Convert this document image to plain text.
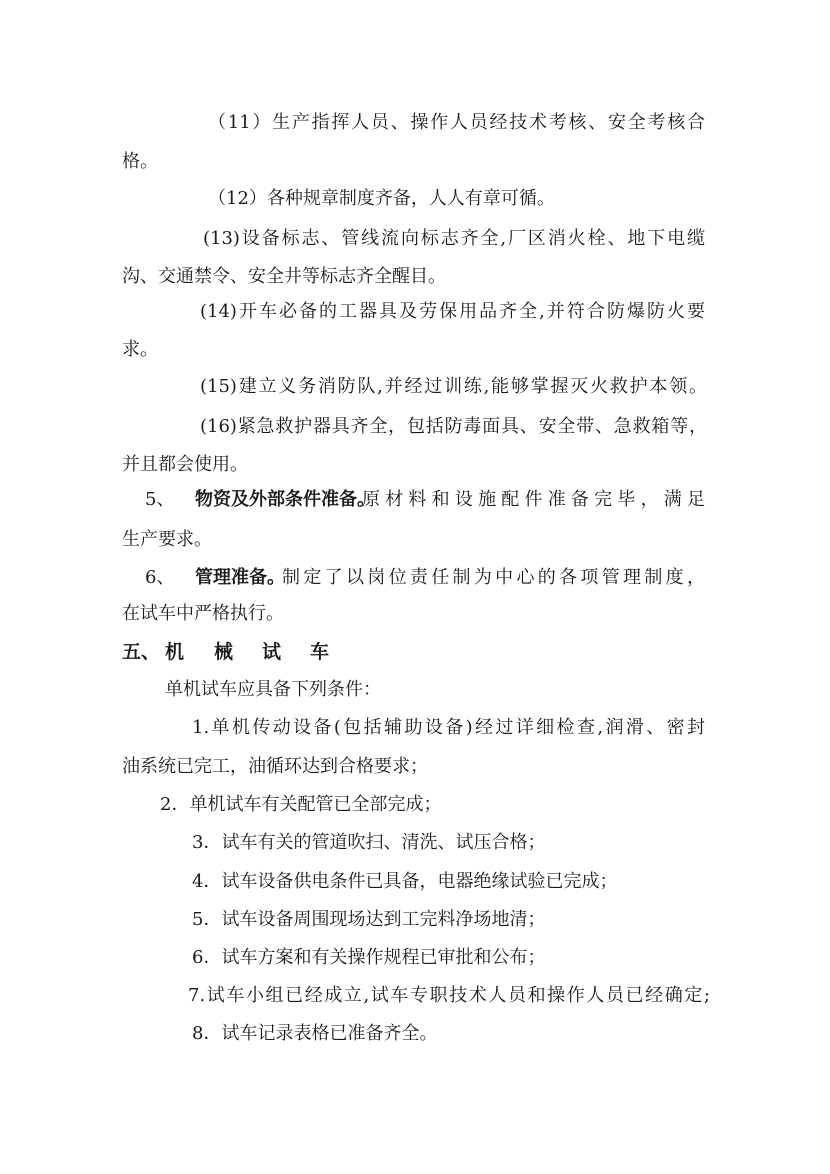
（11）生产指挥人员、操作人员经技术考核、安全考核合
格。
（12）各种规章制度齐备，人人有章可循。
(13)设备标志、管线流向标志齐全,厂区消火栓、地下电缆
沟、交通禁令、安全井等标志齐全醒目。
(14)开车必备的工器具及劳保用品齐全,并符合防爆防火要
求。
(15)建立义务消防队,并经过训练,能够掌握灭火救护本领。
(16)紧急救护器具齐全，包括防毒面具、安全带、急救箱等，
并且都会使用。
5、 物资及外部条件准备。
原材料和设施配件准备完毕，满足
生产要求。
6、 管理准备。
制定了以岗位责任制为中心的各项管理制度，
在试车中严格执行。
五、 机 械 试 车
单机试车应具备下列条件：
1.单机传动设备(包括辅助设备)经过详细检查,润滑、密封
油系统已完工，油循环达到合格要求；
2．单机试车有关配管已全部完成；
3．试车有关的管道吹扫、清洗、试压合格；
4．试车设备供电条件已具备，电器绝缘试验已完成；
5．试车设备周围现场达到工完料净场地清；
6．试车方案和有关操作规程已审批和公布；
7.试车小组已经成立,试车专职技术人员和操作人员已经确定;
8．试车记录表格已准备齐全。
